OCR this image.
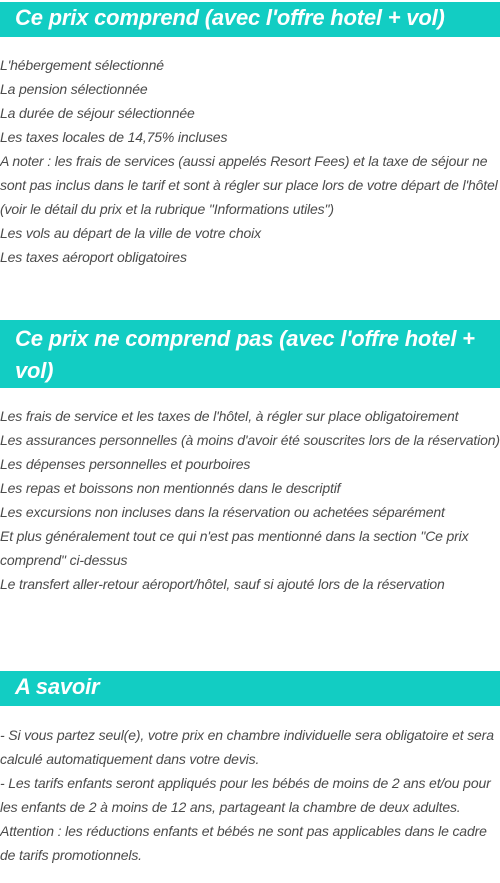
Ce prix comprend (avec l'offre hotel + vol)
L'hébergement sélectionné
La pension sélectionnée
La durée de séjour sélectionnée
Les taxes locales de 14,75% incluses
A noter : les frais de services (aussi appelés Resort Fees) et la taxe de séjour ne sont pas inclus dans le tarif et sont à régler sur place lors de votre départ de l'hôtel (voir le détail du prix et la rubrique "Informations utiles")
Les vols au départ de la ville de votre choix
Les taxes aéroport obligatoires
Ce prix ne comprend pas (avec l'offre hotel + vol)
Les frais de service et les taxes de l'hôtel, à régler sur place obligatoirement
Les assurances personnelles (à moins d'avoir été souscrites lors de la réservation)
Les dépenses personnelles et pourboires
Les repas et boissons non mentionnés dans le descriptif
Les excursions non incluses dans la réservation ou achetées séparément
Et plus généralement tout ce qui n'est pas mentionné dans la section "Ce prix comprend" ci-dessus
Le transfert aller-retour aéroport/hôtel, sauf si ajouté lors de la réservation
A savoir
- Si vous partez seul(e), votre prix en chambre individuelle sera obligatoire et sera calculé automatiquement dans votre devis.
- Les tarifs enfants seront appliqués pour les bébés de moins de 2 ans et/ou pour les enfants de 2 à moins de 12 ans, partageant la chambre de deux adultes.
Attention : les réductions enfants et bébés ne sont pas applicables dans le cadre de tarifs promotionnels.
